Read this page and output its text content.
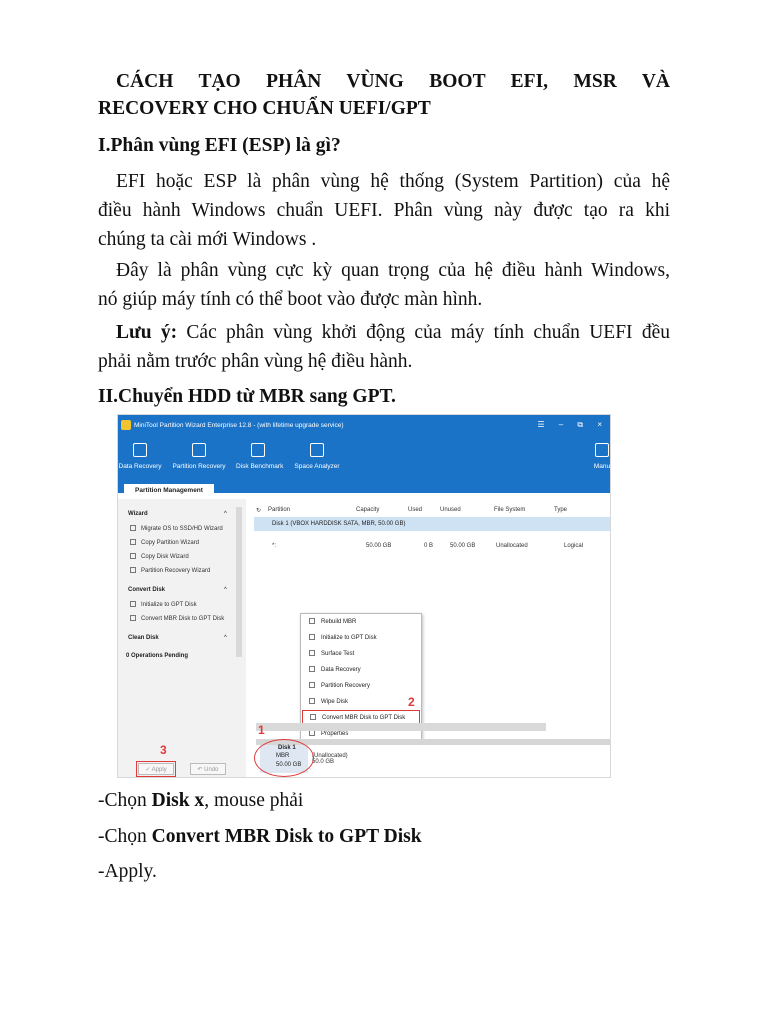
CÁCH TẠO PHÂN VÙNG BOOT EFI, MSR VÀ
RECOVERY CHO CHUẨN UEFI/GPT
I.Phân vùng EFI (ESP) là gì?
EFI hoặc ESP là phân vùng hệ thống (System Partition) của hệ
điều hành Windows chuẩn UEFI. Phân vùng này được tạo ra khi
chúng ta cài mới Windows .
Đây là phân vùng cực kỳ quan trọng của hệ điều hành Windows,
nó giúp máy tính có thể boot vào được màn hình.
Lưu ý: Các phân vùng khởi động của máy tính chuẩn UEFI đều
phải nằm trước phân vùng hệ điều hành.
II.Chuyển HDD từ MBR sang GPT.
MiniTool Partition Wizard Enterprise 12.8 - (with lifetime upgrade service)	☰ – ⧉ ×
Data Recovery Partition Recovery Disk Benchmark	Space Analyzer	Manu
Partition Management
Wizard	^
Migrate OS to SSD/HD Wizard
Copy Partition Wizard
Copy Disk Wizard
Partition Recovery Wizard
Convert Disk	^
Initialize to GPT Disk
Convert MBR Disk to GPT Disk
Clean Disk	^
0 Operations Pending
✓ Apply
3
↶ Undo
↻ Partition	Capacity	Used	Unused	File System	Type
Disk 1 (VBOX HARDDISK SATA, MBR, 50.00 GB)
*:	50.00 GB	0 B	50.00 GB	Unallocated	Logical
Rebuild MBR
Initialize to GPT Disk
Surface Test
Data Recovery
Partition Recovery
Wipe Disk
Convert MBR Disk to GPT Disk
Properties
2
Disk 1
MBR
50.00 GB
(Unallocated)
50.0 GB
1
-Chọn Disk x, mouse phải
-Chọn Convert MBR Disk to GPT Disk
-Apply.
